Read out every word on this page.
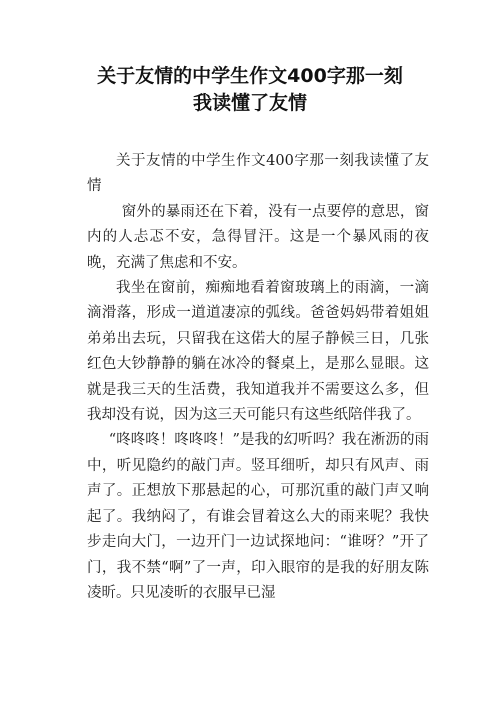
关于友情的中学生作文400字那一刻
我读懂了友情

关于友情的中学生作文400字那一刻我读懂了友情

窗外的暴雨还在下着，没有一点要停的意思，窗内的人忐忑不安，急得冒汗。这是一个暴风雨的夜晚，充满了焦虑和不安。

我坐在窗前，痴痴地看着窗玻璃上的雨滴，一滴滴滑落，形成一道道凄凉的弧线。爸爸妈妈带着姐姐弟弟出去玩，只留我在这偌大的屋子静候三日，几张红色大钞静静的躺在冰冷的餐桌上，是那么显眼。这就是我三天的生活费，我知道我并不需要这么多，但我却没有说，因为这三天可能只有这些纸陪伴我了。

“咚咚咚！咚咚咚！”是我的幻听吗？我在淅沥的雨中，听见隐约的敲门声。竖耳细听，却只有风声、雨声了。正想放下那悬起的心，可那沉重的敲门声又响起了。我纳闷了，有谁会冒着这么大的雨来呢？我快步走向大门，一边开门一边试探地问：“谁呀？”开了门，我不禁“啊”了一声，印入眼帘的是我的好朋友陈凌昕。只见凌昕的衣服早已湿
